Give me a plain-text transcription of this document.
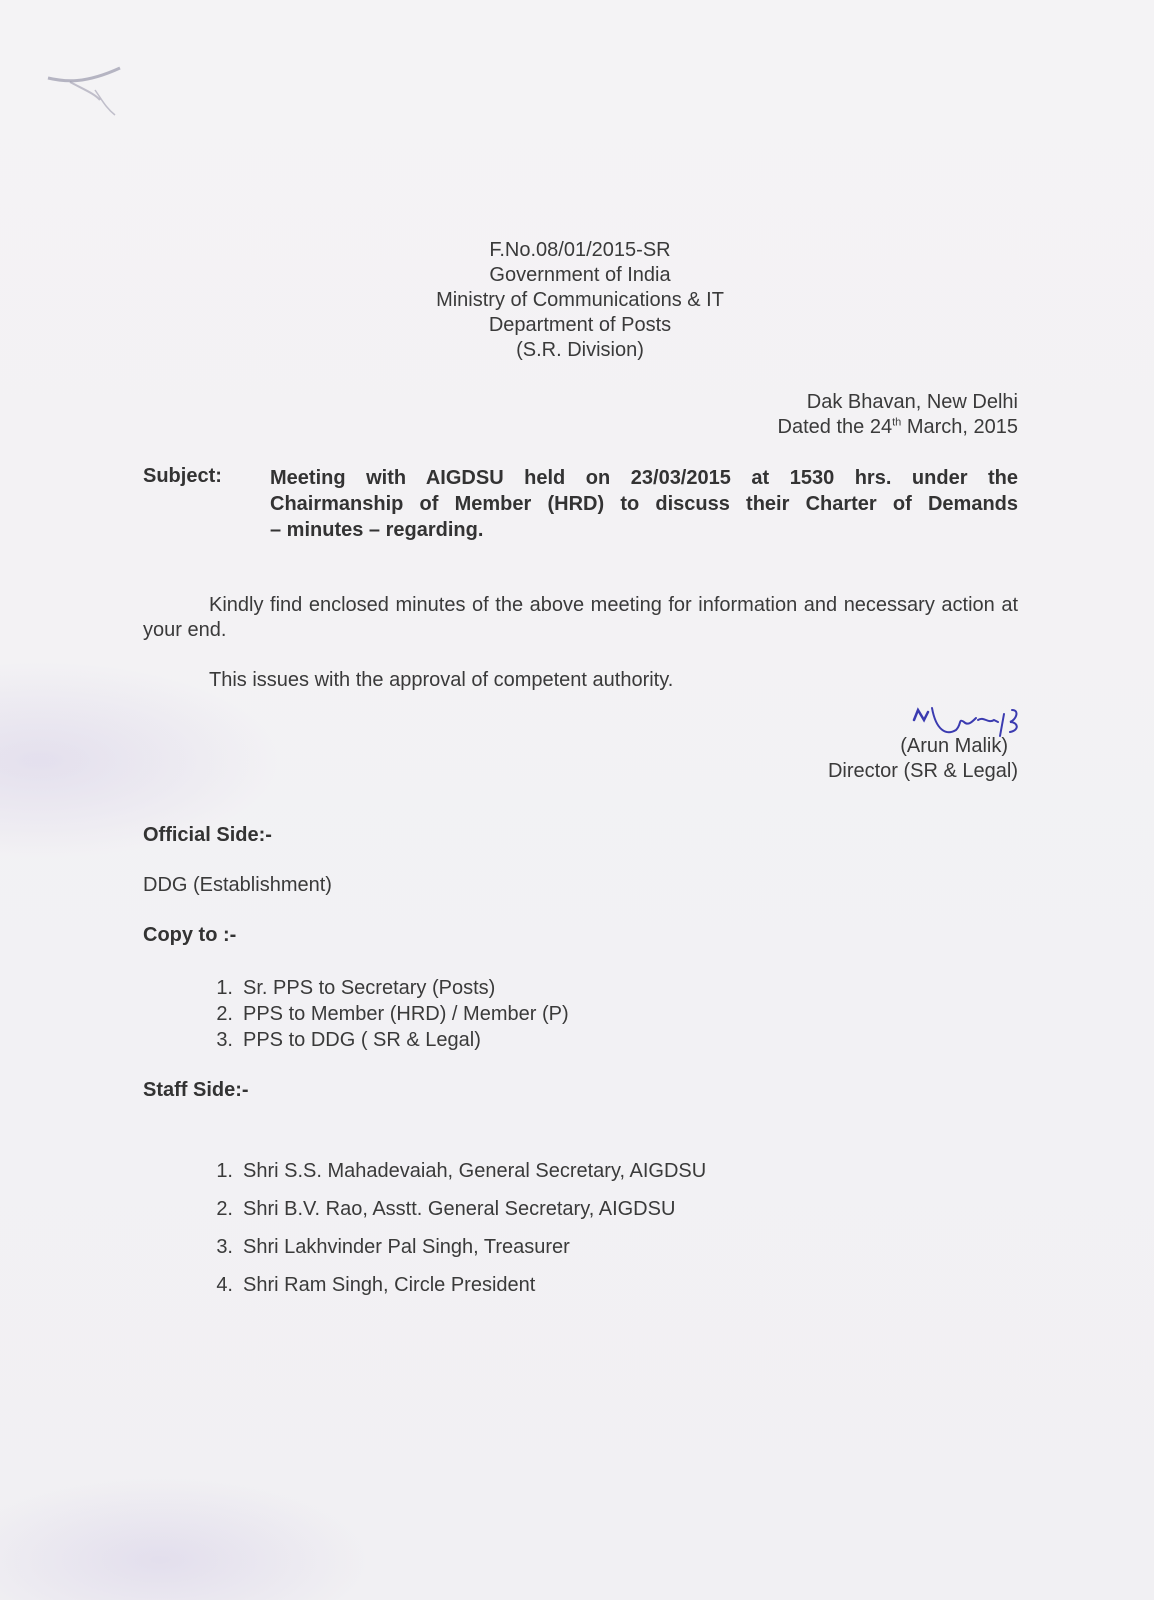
F.No.08/01/2015-SR
Government of India
Ministry of Communications & IT
Department of Posts
(S.R. Division)
Dak Bhavan, New Delhi
Dated the 24th March, 2015
Subject: Meeting with AIGDSU held on 23/03/2015 at 1530 hrs. under the
Chairmanship of Member (HRD) to discuss their Charter of Demands
– minutes – regarding.
Kindly find enclosed minutes of the above meeting for information and necessary action at your end.
This issues with the approval of competent authority.
(Arun Malik)
Director (SR & Legal)
Official Side:-
DDG (Establishment)
Copy to :-
1. Sr. PPS to Secretary (Posts)
2. PPS to Member (HRD) / Member (P)
3. PPS to DDG ( SR & Legal)
Staff Side:-
1. Shri S.S. Mahadevaiah, General Secretary, AIGDSU
2. Shri B.V. Rao, Asstt. General Secretary, AIGDSU
3. Shri Lakhvinder Pal Singh, Treasurer
4. Shri Ram Singh, Circle President
